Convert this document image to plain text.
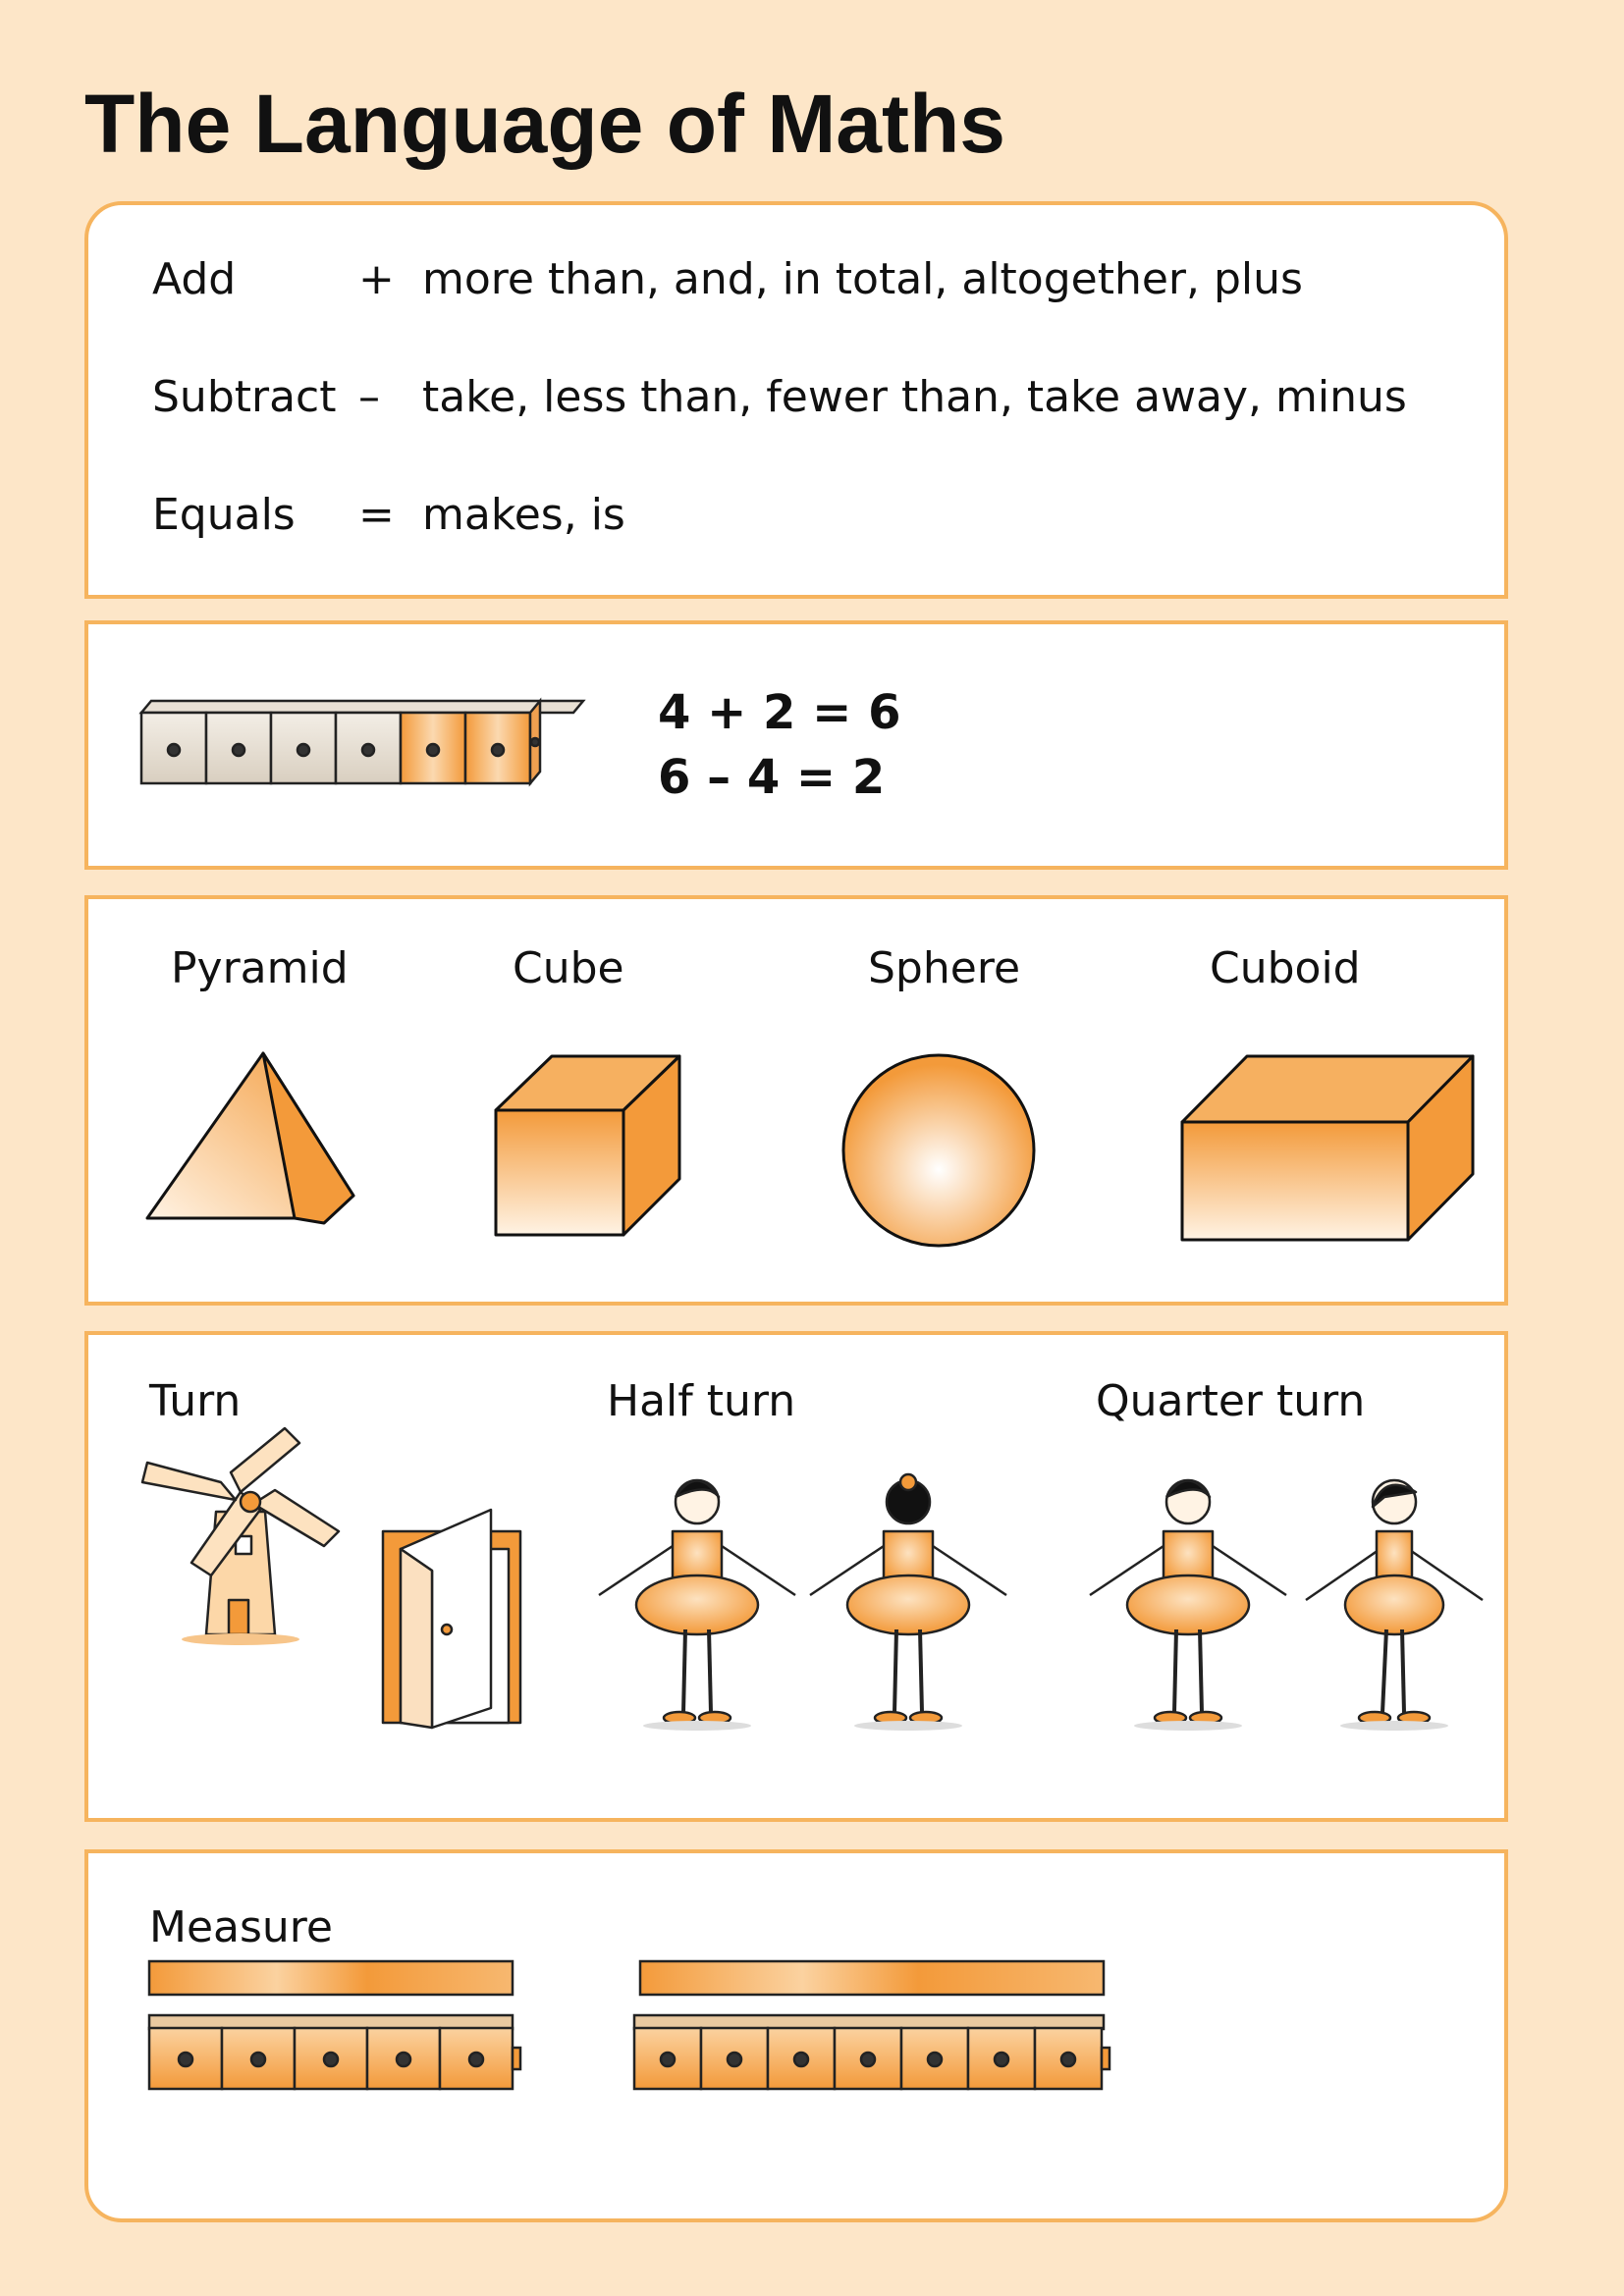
The Language of Maths
Add	+ more than, and, in total, altogether, plus
Subtract – take, less than, fewer than, take away, minus
Equals = makes, is
4 + 2 = 6
6 – 4 = 2
Pyramid	Cube	Sphere	Cuboid
Turn	Half turn	Quarter turn
Measure
